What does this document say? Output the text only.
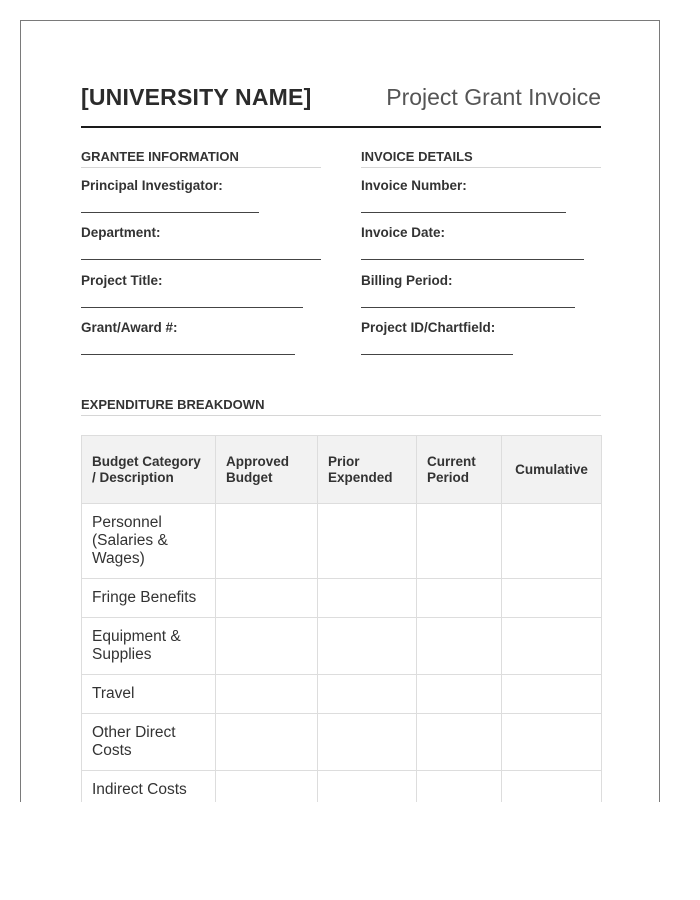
[UNIVERSITY NAME]	Project Grant Invoice
GRANTEE INFORMATION
Principal Investigator:
Department:
Project Title:
Grant/Award #:
INVOICE DETAILS
Invoice Number:
Invoice Date:
Billing Period:
Project ID/Chartfield:
EXPENDITURE BREAKDOWN
Budget Category / Description	Approved Budget	Prior Expended	Current Period	Cumulative
Personnel (Salaries & Wages)				
Fringe Benefits				
Equipment & Supplies				
Travel				
Other Direct Costs				
Indirect Costs				
